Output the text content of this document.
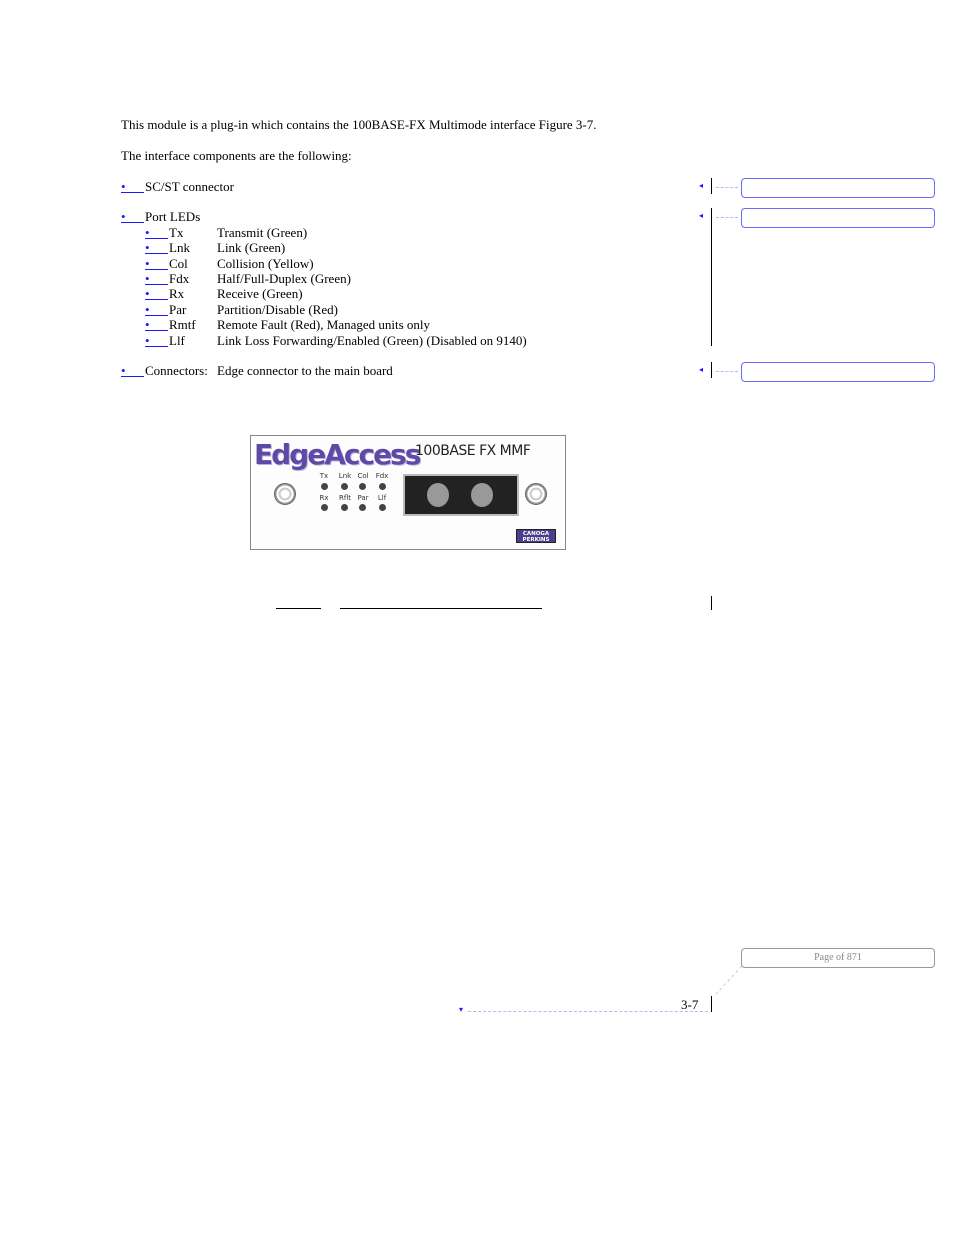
This module is a plug-in which contains the 100BASE-FX Multimode interface Figure 3-7.
The interface components are the following:
•	SC/ST connector
•	Port LEDs
•	Tx	Transmit (Green)
•	Lnk Link (Green)
•	Col Collision (Yellow)
•	Fdx Half/Full-Duplex (Green)
•	Rx	Receive (Green)
•	Par Partition/Disable (Red)
•	Rmtf Remote Fault (Red), Managed units only
•	Llf Link Loss Forwarding/Enabled (Green) (Disabled on 9140)
•	Connectors: Edge connector to the main board
◂
◂
◂
EdgeAccess
100BASE FX MMF
Tx	Lnk Col	Fdx
Rx	Rflt Par	Llf
CANOGA
PERKINS
Page of 871
3-7
▾
